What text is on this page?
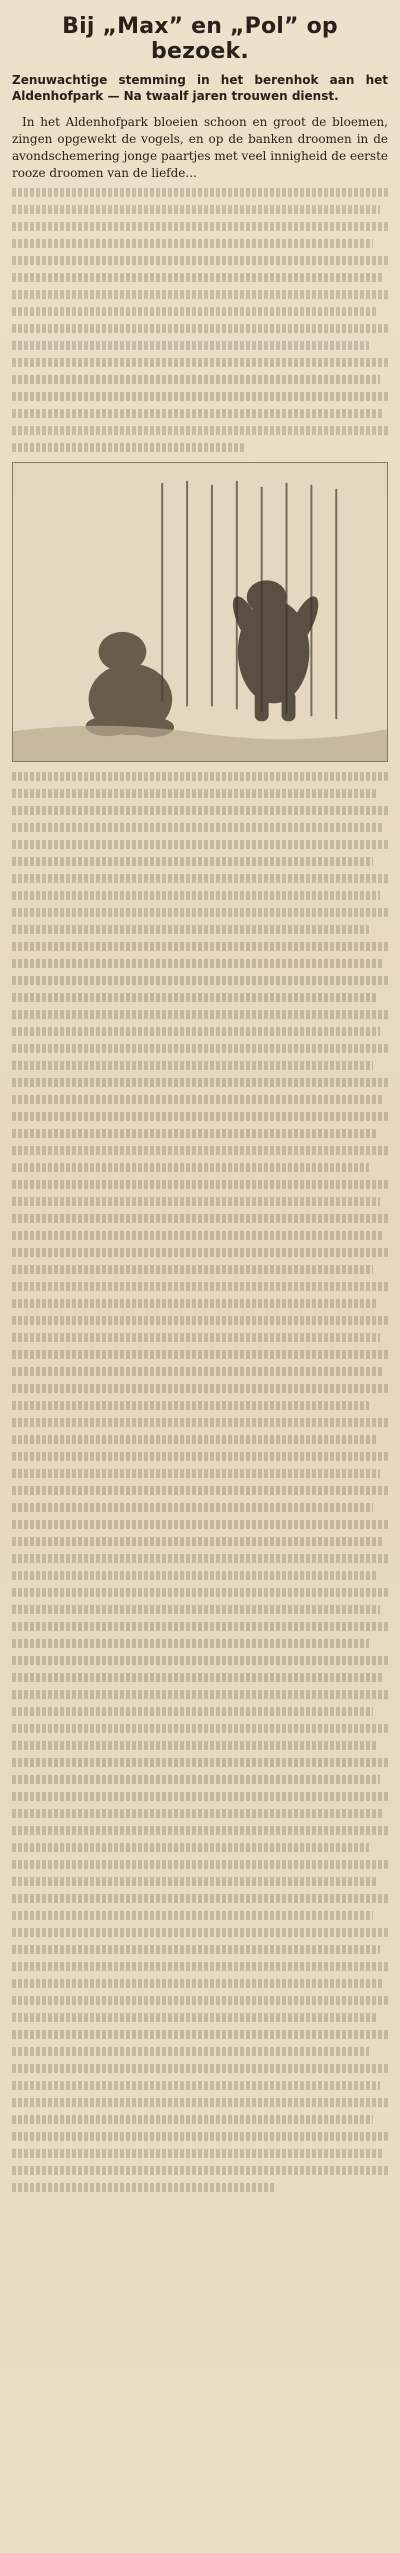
Bij „Max” en „Pol” op bezoek.
Zenuwachtige stemming in het berenhok aan het Aldenhofpark — Na twaalf jaren trouwen dienst.

In het Aldenhofpark bloeien schoon en groot de bloemen, zingen opgewekt de vogels, en op de banken droomen in de avondschemering jonge paartjes met veel innigheid de eerste rooze droomen van de liefde...
